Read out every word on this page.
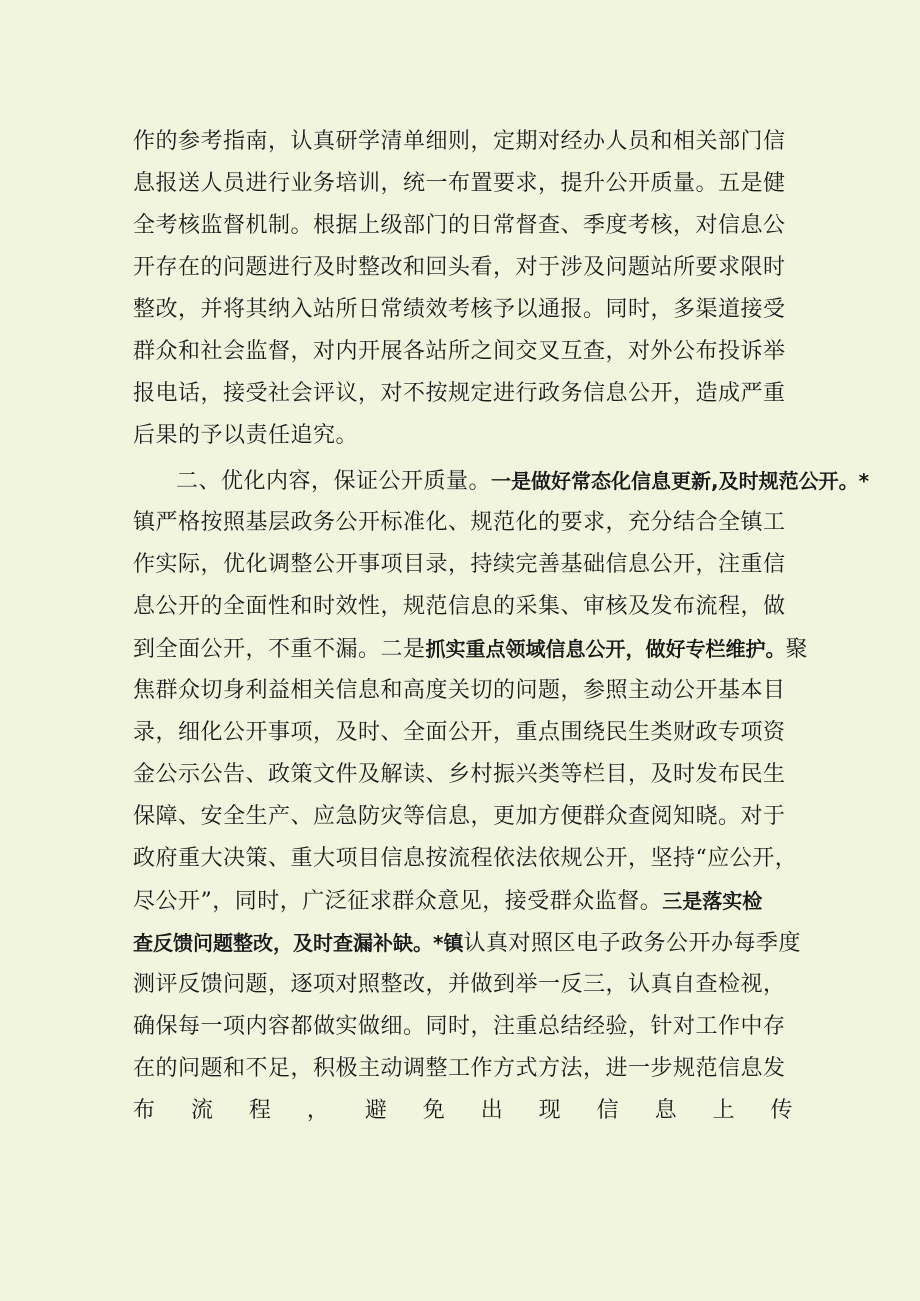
作的参考指南，认真研学清单细则，定期对经办人员和相关部门信
息报送人员进行业务培训，统一布置要求，提升公开质量。五是健
全考核监督机制。根据上级部门的日常督查、季度考核，对信息公
开存在的问题进行及时整改和回头看，对于涉及问题站所要求限时
整改，并将其纳入站所日常绩效考核予以通报。同时，多渠道接受
群众和社会监督，对内开展各站所之间交叉互查，对外公布投诉举
报电话，接受社会评议，对不按规定进行政务信息公开，造成严重
后果的予以责任追究。
二、优化内容，保证公开质量。一是做好常态化信息更新,及时规范公开。*
镇严格按照基层政务公开标准化、规范化的要求，充分结合全镇工
作实际，优化调整公开事项目录，持续完善基础信息公开，注重信
息公开的全面性和时效性，规范信息的采集、审核及发布流程，做
到全面公开，不重不漏。二是抓实重点领域信息公开，做好专栏维护。聚
焦群众切身利益相关信息和高度关切的问题，参照主动公开基本目
录，细化公开事项，及时、全面公开，重点围绕民生类财政专项资
金公示公告、政策文件及解读、乡村振兴类等栏目，及时发布民生
保障、安全生产、应急防灾等信息，更加方便群众查阅知晓。对于
政府重大决策、重大项目信息按流程依法依规公开，坚持“应公开，
尽公开”，同时，广泛征求群众意见，接受群众监督。三是落实检
查反馈问题整改，及时查漏补缺。*镇认真对照区电子政务公开办每季度
测评反馈问题，逐项对照整改，并做到举一反三，认真自查检视，
确保每一项内容都做实做细。同时，注重总结经验，针对工作中存
在的问题和不足，积极主动调整工作方式方法，进一步规范信息发
布 流 程 ， 避 免 出 现 信 息 上 传
